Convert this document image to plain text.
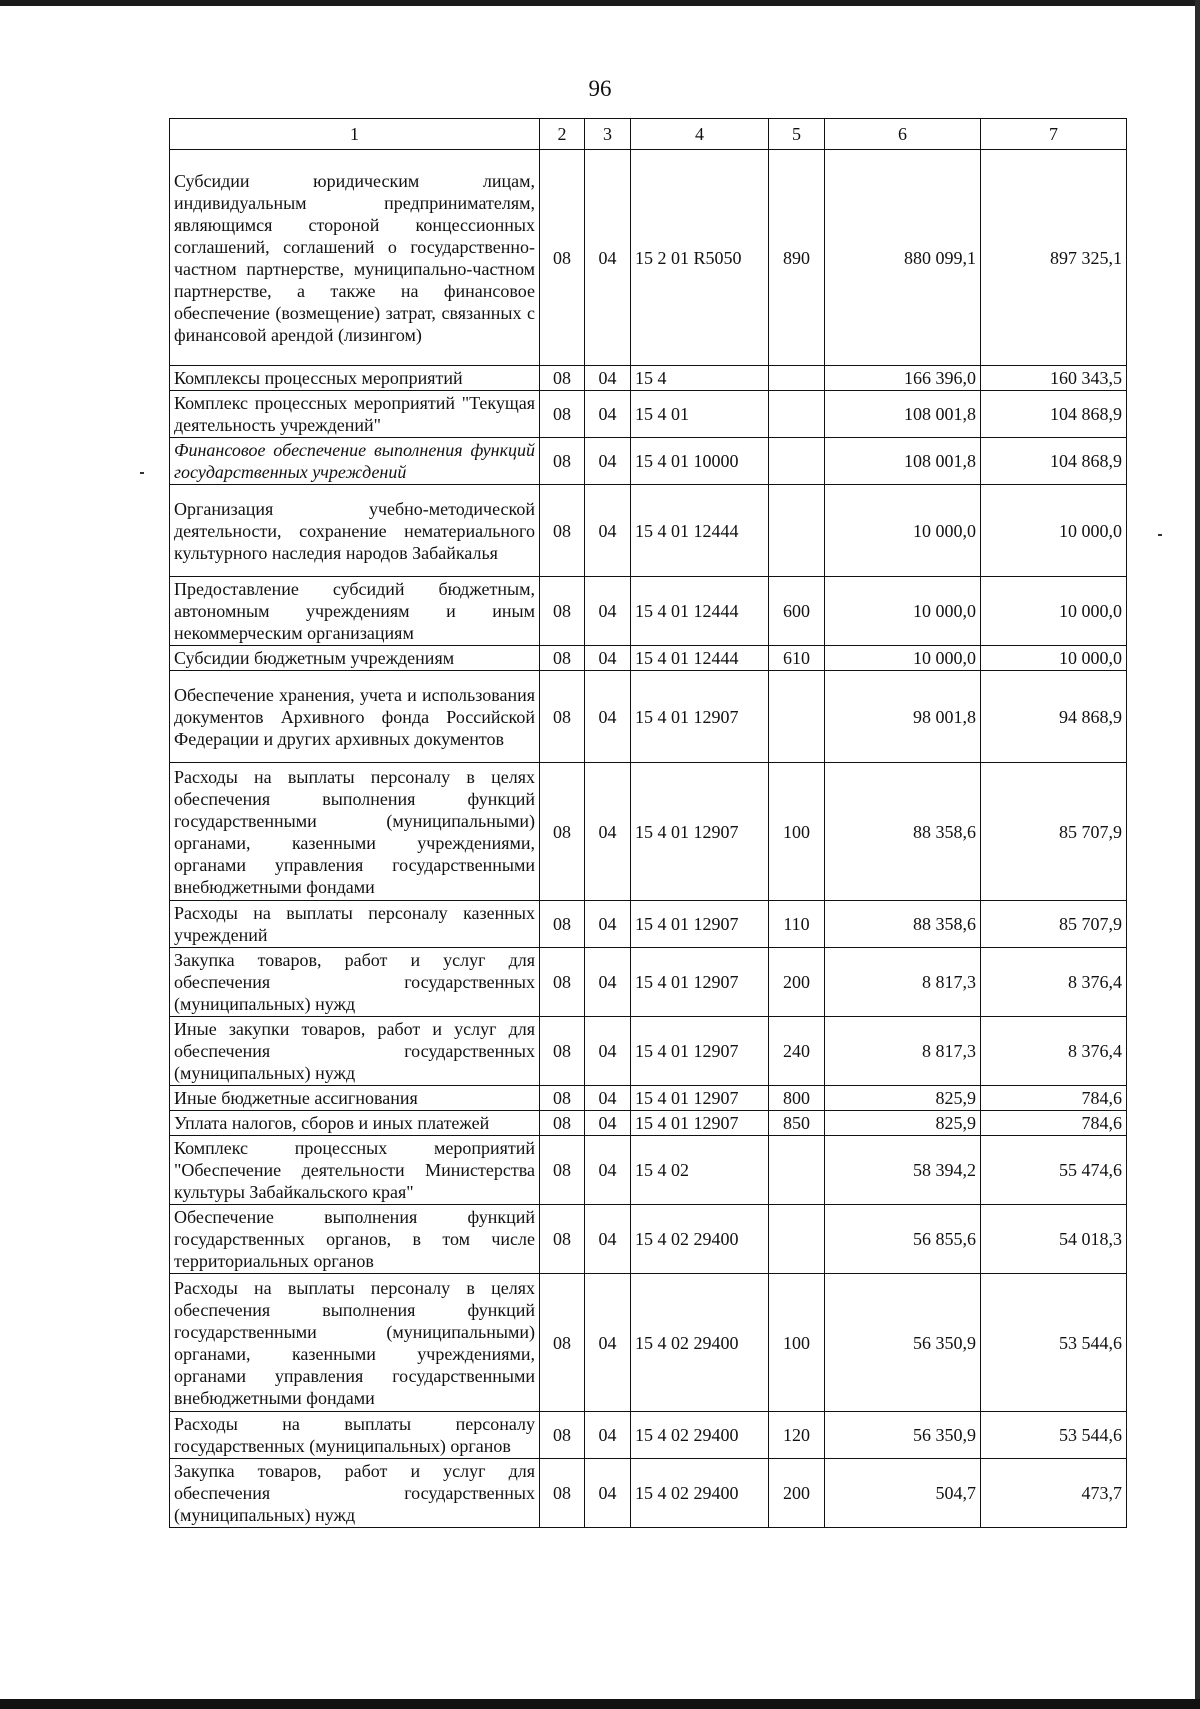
96
1	2	3	4	5	6	7
Субсидии юридическим лицам, индивидуальным предпринимателям, являющимся стороной концессионных соглашений, соглашений о государственно-частном партнерстве, муниципально-частном партнерстве, а также на финансовое обеспечение (возмещение) затрат, связанных с финансовой арендой (лизингом)	08	04	15 2 01 R5050	890	880 099,1	897 325,1
Комплексы процессных мероприятий	08	04	15 4		166 396,0	160 343,5
Комплекс процессных мероприятий "Текущая деятельность учреждений"	08	04	15 4 01		108 001,8	104 868,9
Финансовое обеспечение выполнения функций государственных учреждений	08	04	15 4 01 10000		108 001,8	104 868,9
Организация учебно-методической деятельности, сохранение нематериального культурного наследия народов Забайкалья	08	04	15 4 01 12444		10 000,0	10 000,0
Предоставление субсидий бюджетным, автономным учреждениям и иным некоммерческим организациям	08	04	15 4 01 12444	600	10 000,0	10 000,0
Субсидии бюджетным учреждениям	08	04	15 4 01 12444	610	10 000,0	10 000,0
Обеспечение хранения, учета и использования документов Архивного фонда Российской Федерации и других архивных документов	08	04	15 4 01 12907		98 001,8	94 868,9
Расходы на выплаты персоналу в целях обеспечения выполнения функций государственными (муниципальными) органами, казенными учреждениями, органами управления государственными внебюджетными фондами	08	04	15 4 01 12907	100	88 358,6	85 707,9
Расходы на выплаты персоналу казенных учреждений	08	04	15 4 01 12907	110	88 358,6	85 707,9
Закупка товаров, работ и услуг для обеспечения государственных (муниципальных) нужд	08	04	15 4 01 12907	200	8 817,3	8 376,4
Иные закупки товаров, работ и услуг для обеспечения государственных (муниципальных) нужд	08	04	15 4 01 12907	240	8 817,3	8 376,4
Иные бюджетные ассигнования	08	04	15 4 01 12907	800	825,9	784,6
Уплата налогов, сборов и иных платежей	08	04	15 4 01 12907	850	825,9	784,6
Комплекс процессных мероприятий "Обеспечение деятельности Министерства культуры Забайкальского края"	08	04	15 4 02		58 394,2	55 474,6
Обеспечение выполнения функций государственных органов, в том числе территориальных органов	08	04	15 4 02 29400		56 855,6	54 018,3
Расходы на выплаты персоналу в целях обеспечения выполнения функций государственными (муниципальными) органами, казенными учреждениями, органами управления государственными внебюджетными фондами	08	04	15 4 02 29400	100	56 350,9	53 544,6
Расходы на выплаты персоналу государственных (муниципальных) органов	08	04	15 4 02 29400	120	56 350,9	53 544,6
Закупка товаров, работ и услуг для обеспечения государственных (муниципальных) нужд	08	04	15 4 02 29400	200	504,7	473,7
